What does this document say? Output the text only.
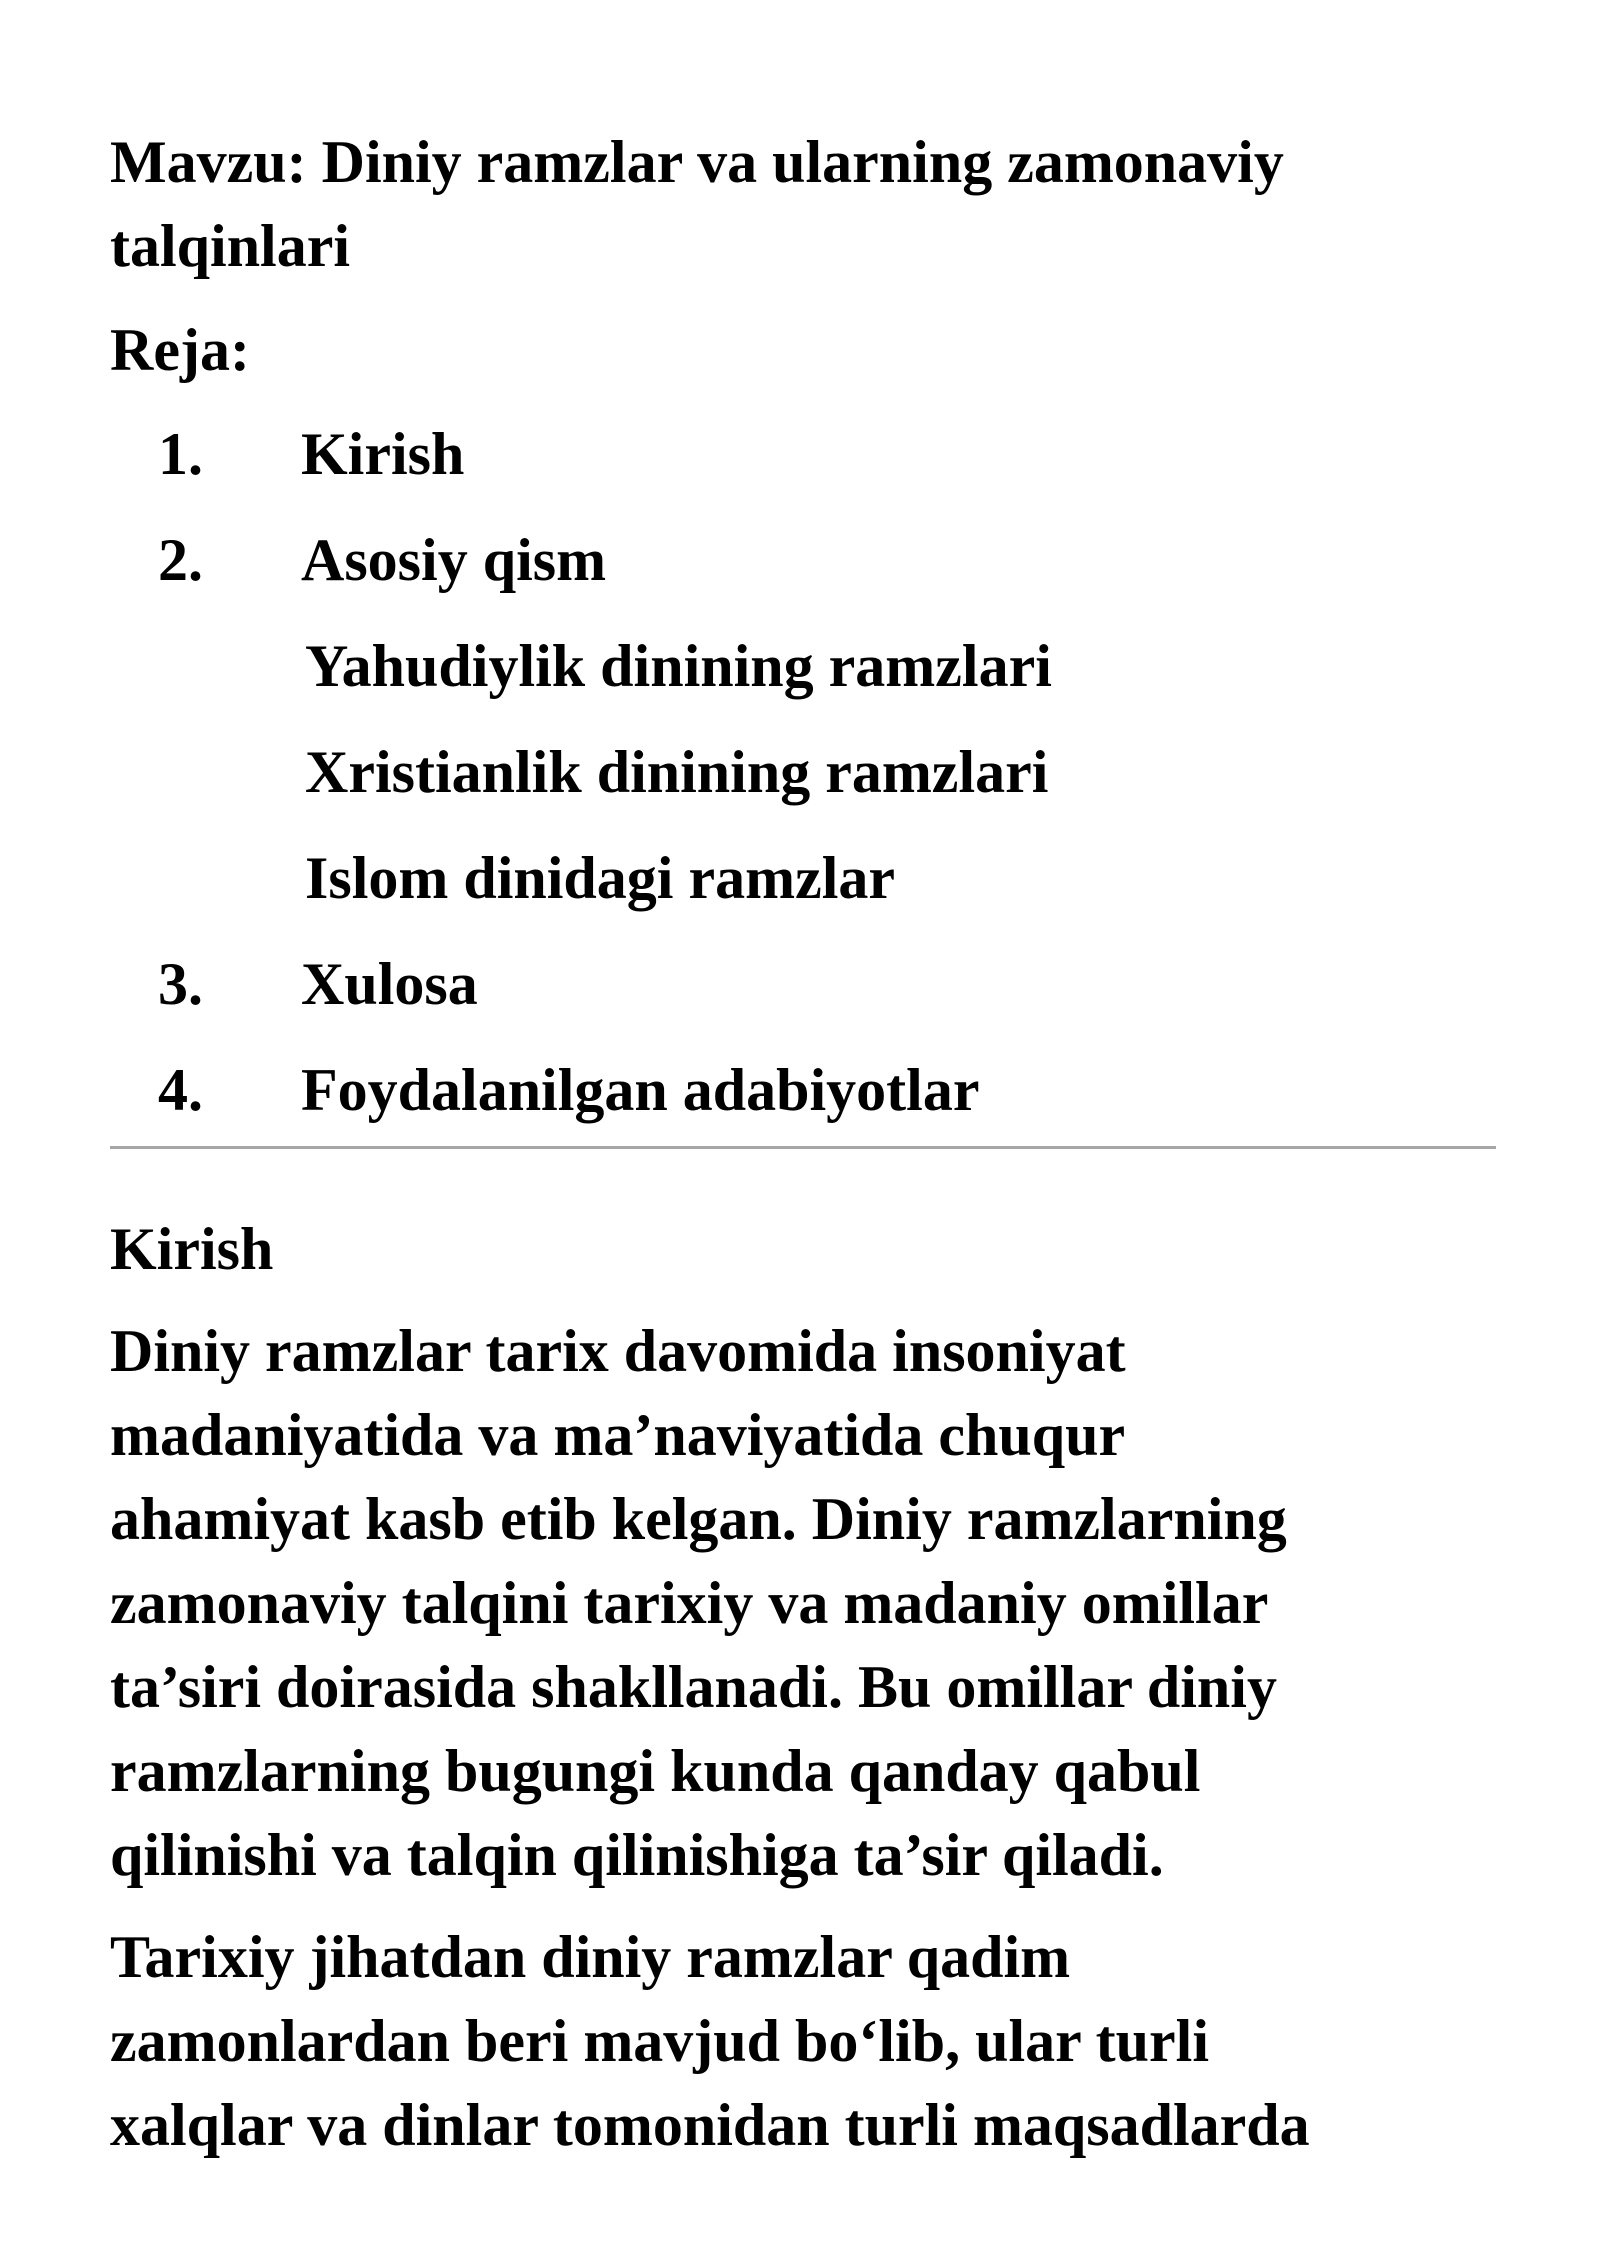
Mavzu: Diniy ramzlar va ularning zamonaviy
talqinlari

Reja:

1. Kirish
2. Asosiy qism
Yahudiylik dinining ramzlari
Xristianlik dinining ramzlari
Islom dinidagi ramzlar
3. Xulosa
4. Foydalanilgan adabiyotlar
Kirish

Diniy ramzlar tarix davomida insoniyat
madaniyatida va ma’naviyatida chuqur
ahamiyat kasb etib kelgan. Diniy ramzlarning
zamonaviy talqini tarixiy va madaniy omillar
ta’siri doirasida shakllanadi. Bu omillar diniy
ramzlarning bugungi kunda qanday qabul
qilinishi va talqin qilinishiga ta’sir qiladi.

Tarixiy jihatdan diniy ramzlar qadim
zamonlardan beri mavjud bo‘lib, ular turli
xalqlar va dinlar tomonidan turli maqsadlarda
